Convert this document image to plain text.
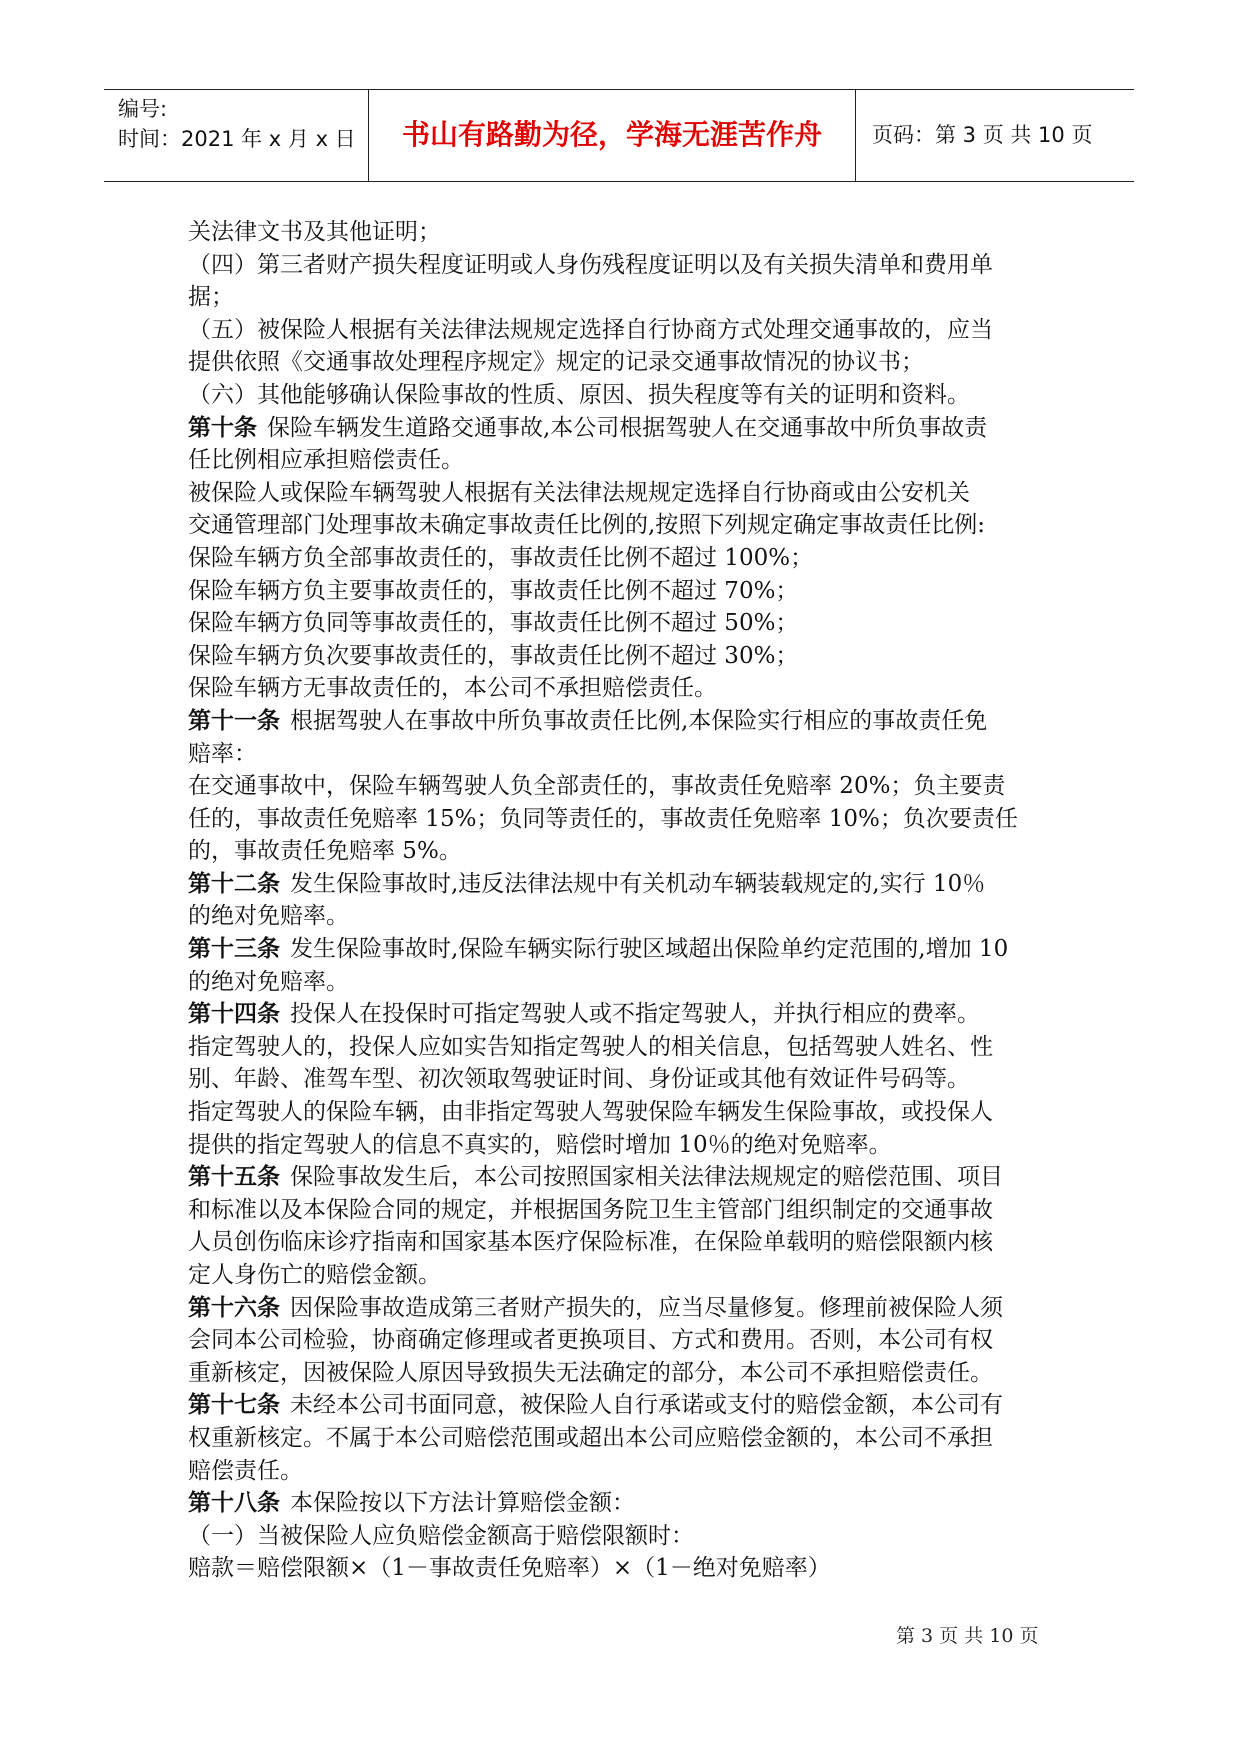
编号:
时间：2021 年 x 月 x 日	书山有路勤为径，学海无涯苦作舟	页码：第 3 页 共 10 页
关法律文书及其他证明；
（四）第三者财产损失程度证明或人身伤残程度证明以及有关损失清单和费用单
据；
（五）被保险人根据有关法律法规规定选择自行协商方式处理交通事故的，应当
提供依照《交通事故处理程序规定》规定的记录交通事故情况的协议书；
（六）其他能够确认保险事故的性质、原因、损失程度等有关的证明和资料。
第十条 保险车辆发生道路交通事故,本公司根据驾驶人在交通事故中所负事故责
任比例相应承担赔偿责任。
被保险人或保险车辆驾驶人根据有关法律法规规定选择自行协商或由公安机关
交通管理部门处理事故未确定事故责任比例的,按照下列规定确定事故责任比例:
保险车辆方负全部事故责任的，事故责任比例不超过 100%；
保险车辆方负主要事故责任的，事故责任比例不超过 70%；
保险车辆方负同等事故责任的，事故责任比例不超过 50%；
保险车辆方负次要事故责任的，事故责任比例不超过 30%；
保险车辆方无事故责任的，本公司不承担赔偿责任。
第十一条 根据驾驶人在事故中所负事故责任比例,本保险实行相应的事故责任免
赔率：
在交通事故中，保险车辆驾驶人负全部责任的，事故责任免赔率 20%；负主要责
任的，事故责任免赔率 15%；负同等责任的，事故责任免赔率 10%；负次要责任
的，事故责任免赔率 5%。
第十二条 发生保险事故时,违反法律法规中有关机动车辆装载规定的,实行 10％
的绝对免赔率。
第十三条 发生保险事故时,保险车辆实际行驶区域超出保险单约定范围的,增加 10
的绝对免赔率。
第十四条 投保人在投保时可指定驾驶人或不指定驾驶人，并执行相应的费率。
指定驾驶人的，投保人应如实告知指定驾驶人的相关信息，包括驾驶人姓名、性
别、年龄、准驾车型、初次领取驾驶证时间、身份证或其他有效证件号码等。
指定驾驶人的保险车辆，由非指定驾驶人驾驶保险车辆发生保险事故，或投保人
提供的指定驾驶人的信息不真实的，赔偿时增加 10％的绝对免赔率。
第十五条 保险事故发生后，本公司按照国家相关法律法规规定的赔偿范围、项目
和标准以及本保险合同的规定，并根据国务院卫生主管部门组织制定的交通事故
人员创伤临床诊疗指南和国家基本医疗保险标准，在保险单载明的赔偿限额内核
定人身伤亡的赔偿金额。
第十六条 因保险事故造成第三者财产损失的，应当尽量修复。修理前被保险人须
会同本公司检验，协商确定修理或者更换项目、方式和费用。否则，本公司有权
重新核定，因被保险人原因导致损失无法确定的部分，本公司不承担赔偿责任。
第十七条 未经本公司书面同意，被保险人自行承诺或支付的赔偿金额，本公司有
权重新核定。不属于本公司赔偿范围或超出本公司应赔偿金额的，本公司不承担
赔偿责任。
第十八条 本保险按以下方法计算赔偿金额：
（一）当被保险人应负赔偿金额高于赔偿限额时：
赔款＝赔偿限额×（1－事故责任免赔率）×（1－绝对免赔率）
第 3 页 共 10 页
